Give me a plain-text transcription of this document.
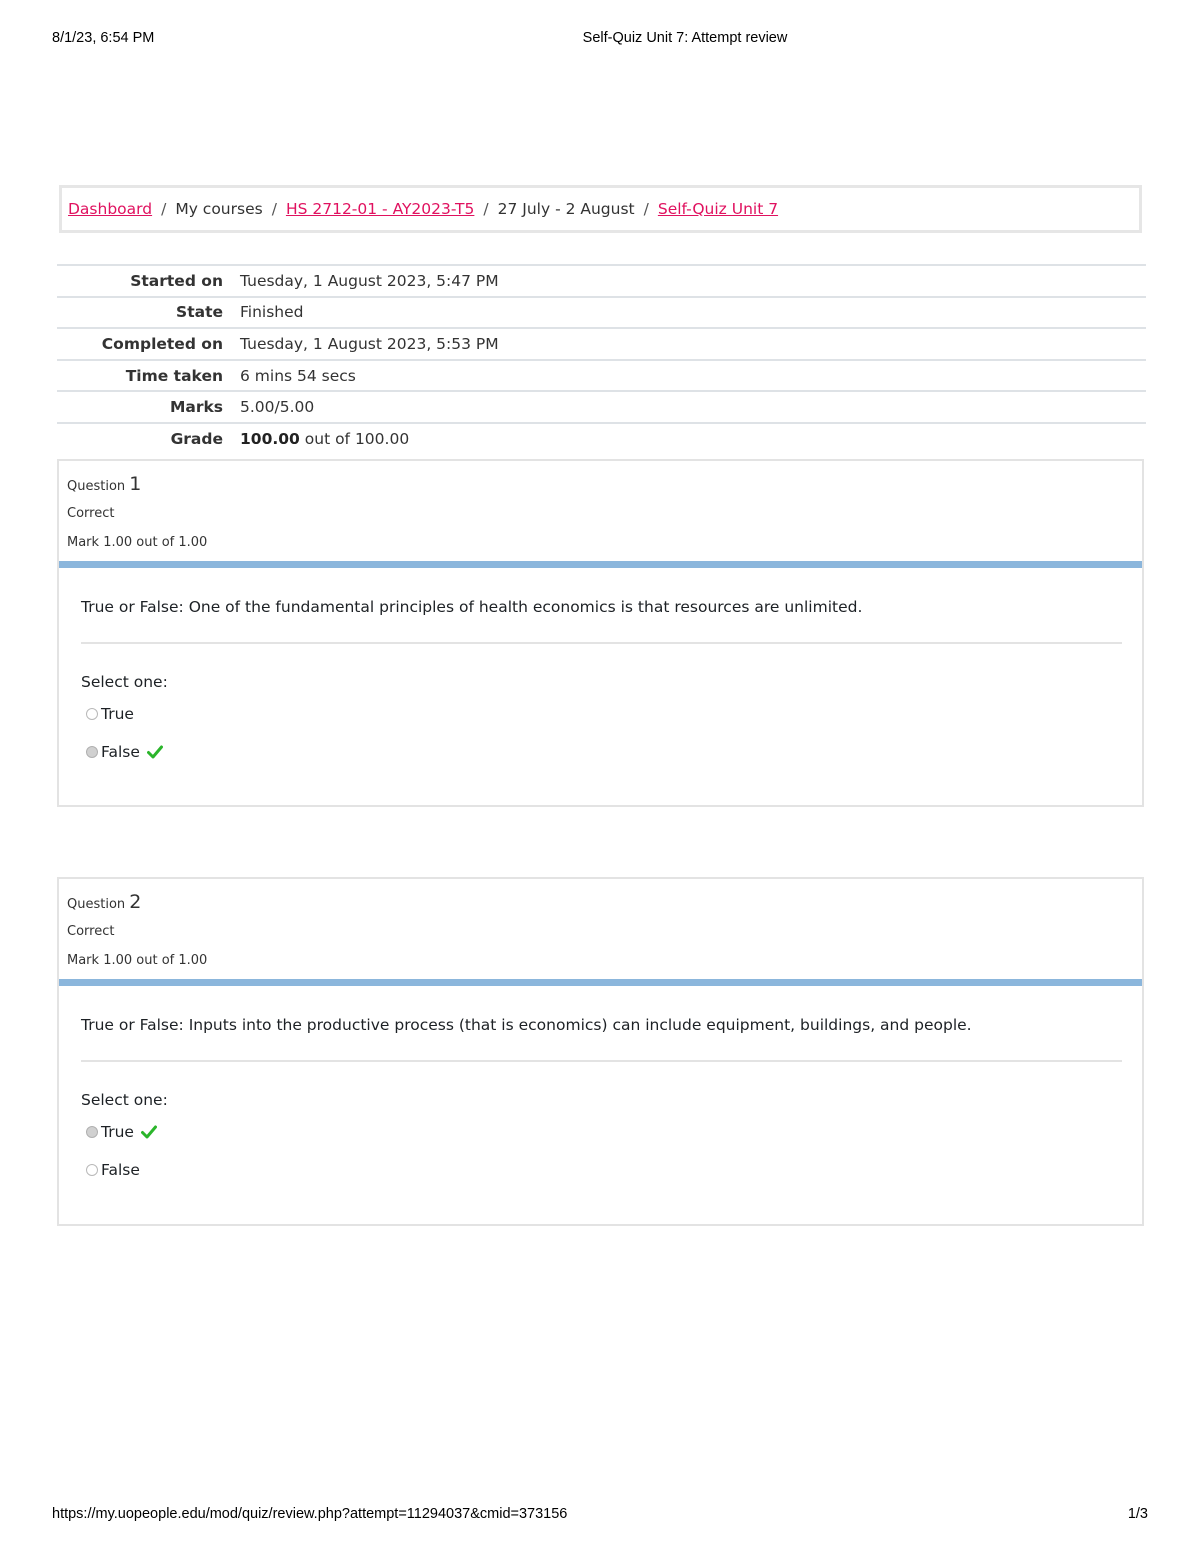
8/1/23, 6:54 PM	Self-Quiz Unit 7: Attempt review
Dashboard / My courses / HS 2712-01 - AY2023-T5 / 27 July - 2 August / Self-Quiz Unit 7
Started on	Tuesday, 1 August 2023, 5:47 PM
State	Finished
Completed on	Tuesday, 1 August 2023, 5:53 PM
Time taken	6 mins 54 secs
Marks	5.00/5.00
Grade	100.00 out of 100.00
Question 1
Correct
Mark 1.00 out of 1.00
True or False: One of the fundamental principles of health economics is that resources are unlimited.
Select one:
True
False
Question 2
Correct
Mark 1.00 out of 1.00
True or False: Inputs into the productive process (that is economics) can include equipment, buildings, and people.
Select one:
True
False
https://my.uopeople.edu/mod/quiz/review.php?attempt=11294037&cmid=373156	1/3
